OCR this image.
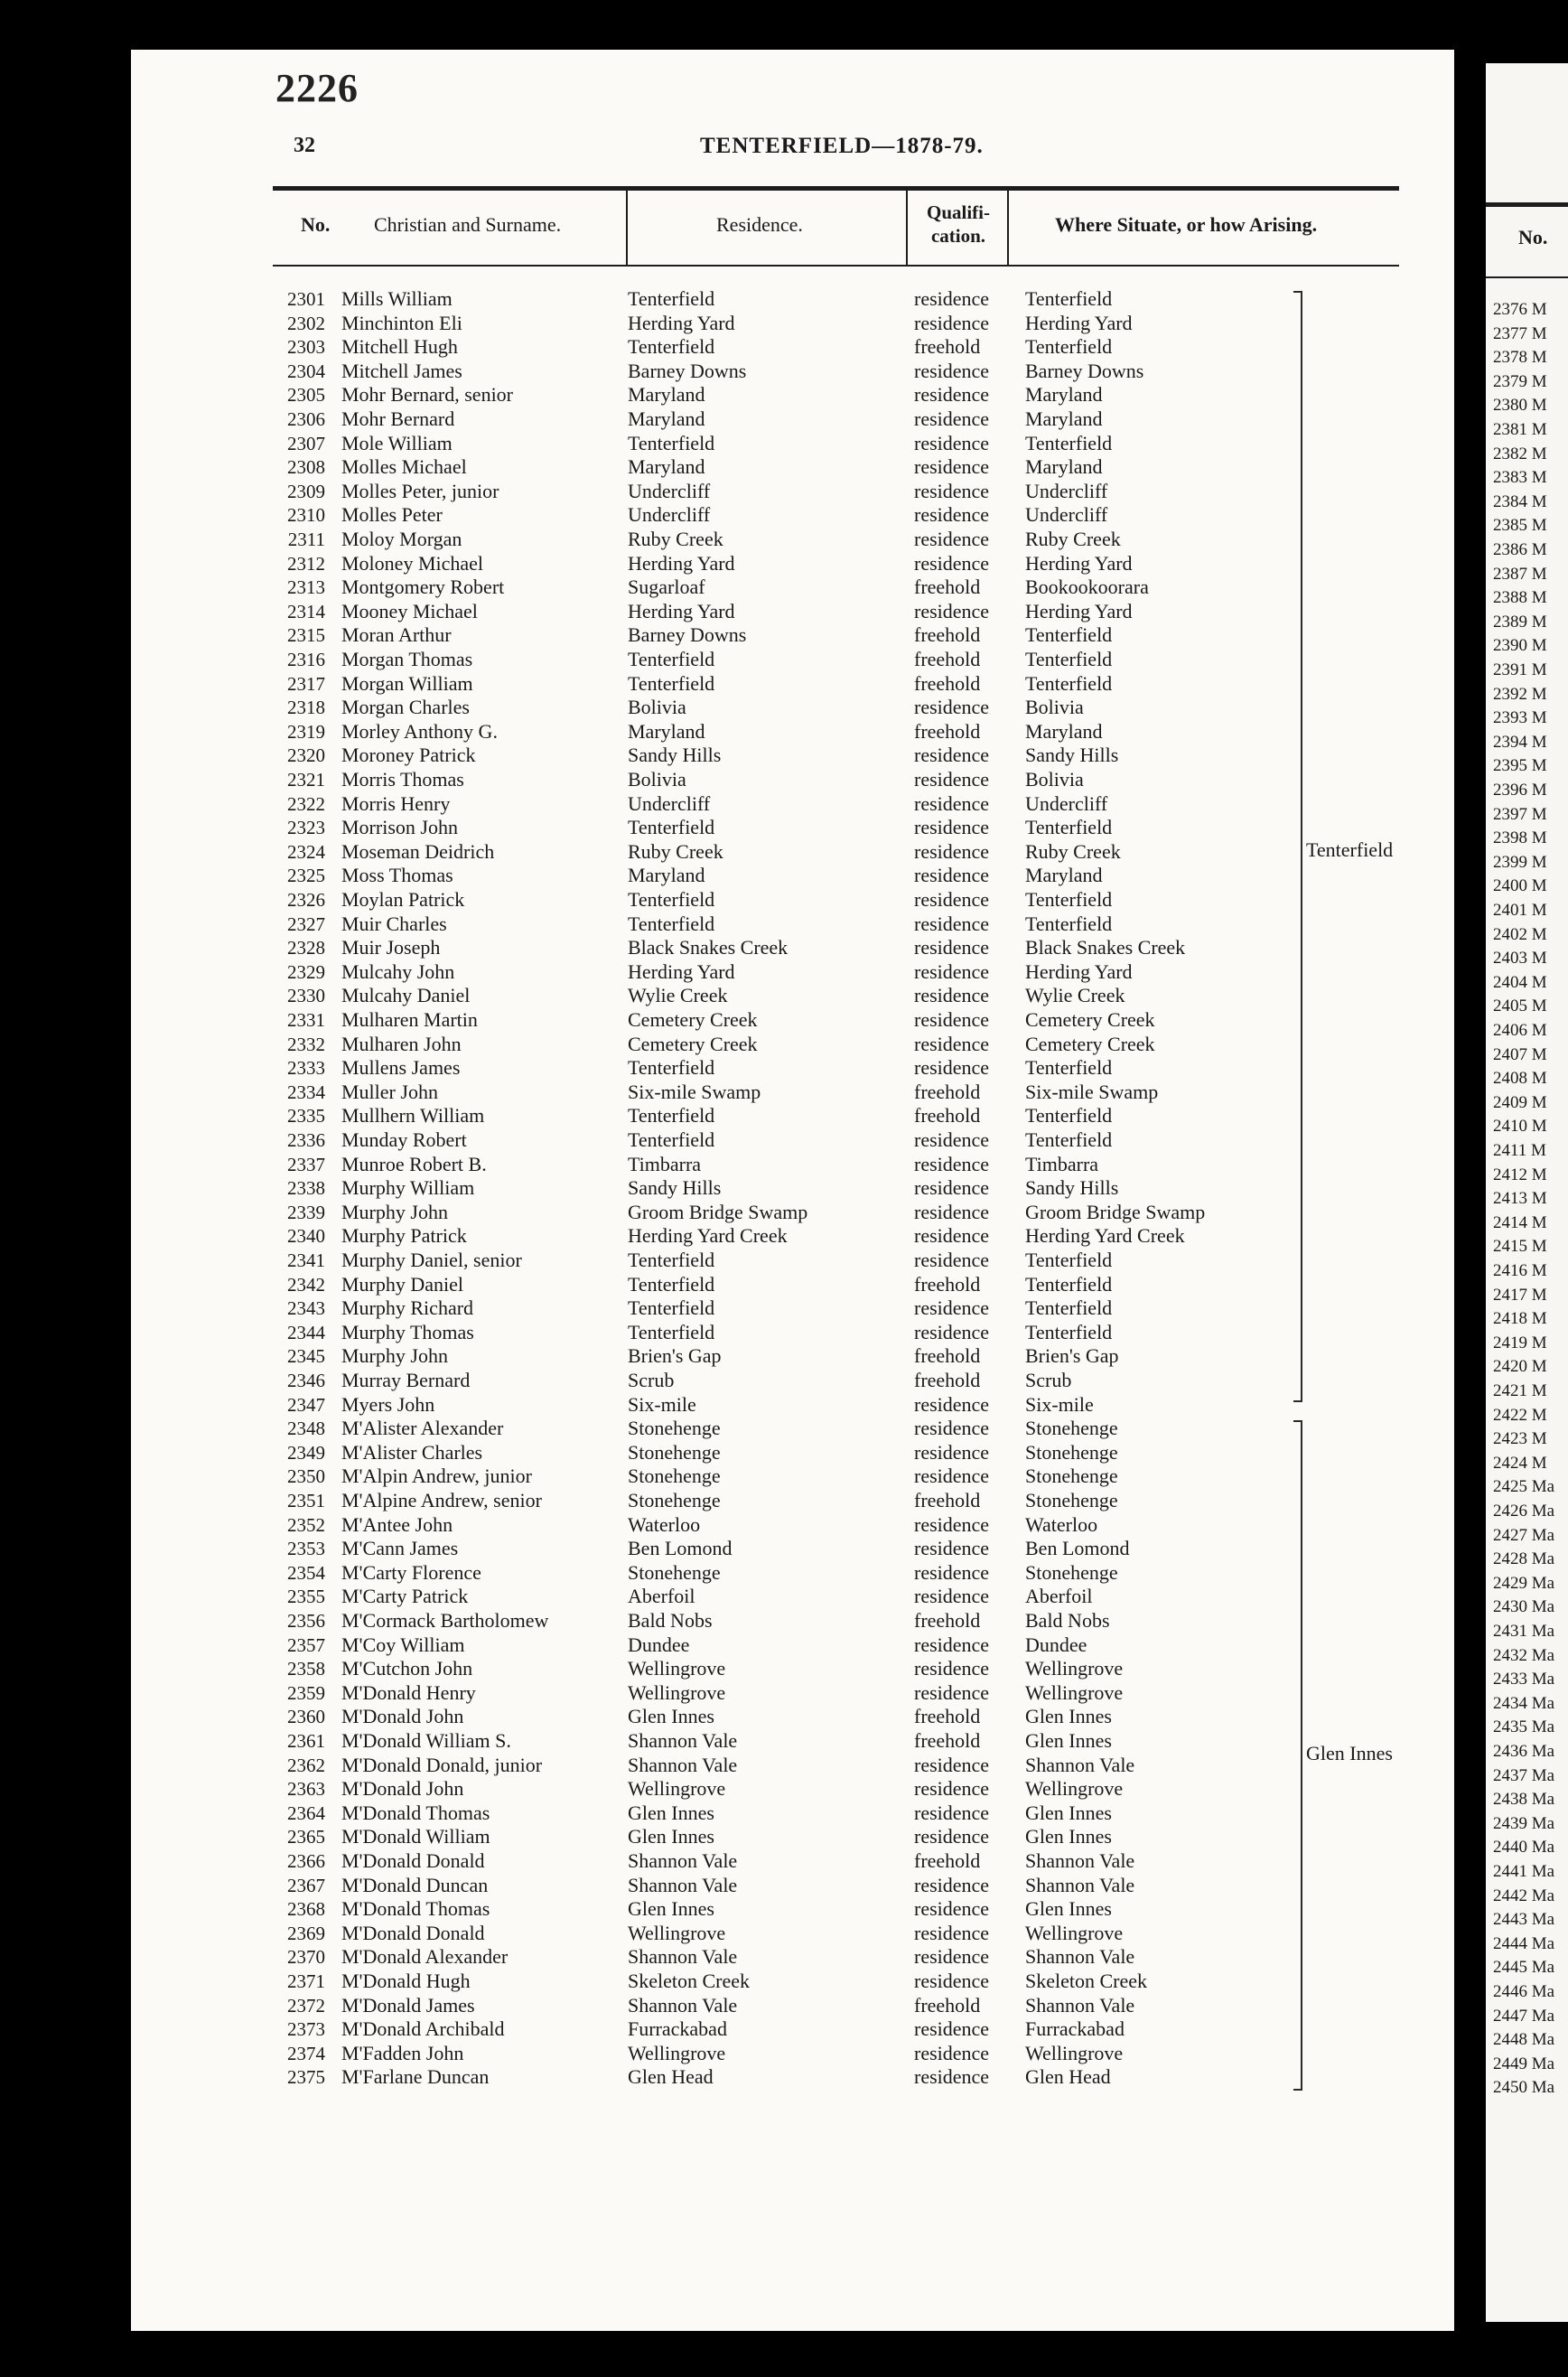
No.
2376 M
2377 M
2378 M
2379 M
2380 M
2381 M
2382 M
2383 M
2384 M
2385 M
2386 M
2387 M
2388 M
2389 M
2390 M
2391 M
2392 M
2393 M
2394 M
2395 M
2396 M
2397 M
2398 M
2399 M
2400 M
2401 M
2402 M
2403 M
2404 M
2405 M
2406 M
2407 M
2408 M
2409 M
2410 M
2411 M
2412 M
2413 M
2414 M
2415 M
2416 M
2417 M
2418 M
2419 M
2420 M
2421 M
2422 M
2423 M
2424 M
2425 Ma
2426 Ma
2427 Ma
2428 Ma
2429 Ma
2430 Ma
2431 Ma
2432 Ma
2433 Ma
2434 Ma
2435 Ma
2436 Ma
2437 Ma
2438 Ma
2439 Ma
2440 Ma
2441 Ma
2442 Ma
2443 Ma
2444 Ma
2445 Ma
2446 Ma
2447 Ma
2448 Ma
2449 Ma
2450 Ma
2226
32	TENTERFIELD—1878-79.
No. Christian and Surname.	Residence.
Qualifi-
cation.	Where Situate, or how Arising.
2301 Mills William	Tenterfield	residence Tenterfield
2302 Minchinton Eli	Herding Yard	residence Herding Yard
2303 Mitchell Hugh	Tenterfield	freehold Tenterfield
2304 Mitchell James	Barney Downs	residence Barney Downs
2305 Mohr Bernard, senior	Maryland	residence Maryland
2306 Mohr Bernard	Maryland	residence Maryland
2307 Mole William	Tenterfield	residence Tenterfield
2308 Molles Michael	Maryland	residence Maryland
2309 Molles Peter, junior	Undercliff	residence Undercliff
2310 Molles Peter	Undercliff	residence Undercliff
2311 Moloy Morgan	Ruby Creek	residence Ruby Creek
2312 Moloney Michael	Herding Yard	residence Herding Yard
2313 Montgomery Robert	Sugarloaf	freehold Bookookoorara
2314 Mooney Michael	Herding Yard	residence Herding Yard
2315 Moran Arthur	Barney Downs	freehold Tenterfield
2316 Morgan Thomas	Tenterfield	freehold Tenterfield
2317 Morgan William	Tenterfield	freehold Tenterfield
2318 Morgan Charles	Bolivia	residence Bolivia
2319 Morley Anthony G.	Maryland	freehold Maryland
2320 Moroney Patrick	Sandy Hills	residence Sandy Hills
2321 Morris Thomas	Bolivia	residence Bolivia
2322 Morris Henry	Undercliff	residence Undercliff
2323 Morrison John	Tenterfield	residence Tenterfield
2324 Moseman Deidrich	Ruby Creek	residence Ruby Creek
2325 Moss Thomas	Maryland	residence Maryland
2326 Moylan Patrick	Tenterfield	residence Tenterfield
2327 Muir Charles	Tenterfield	residence Tenterfield
2328 Muir Joseph	Black Snakes Creek	residence Black Snakes Creek
2329 Mulcahy John	Herding Yard	residence Herding Yard
2330 Mulcahy Daniel	Wylie Creek	residence Wylie Creek
2331 Mulharen Martin	Cemetery Creek	residence Cemetery Creek
2332 Mulharen John	Cemetery Creek	residence Cemetery Creek
2333 Mullens James	Tenterfield	residence Tenterfield
2334 Muller John	Six-mile Swamp	freehold Six-mile Swamp
2335 Mullhern William	Tenterfield	freehold Tenterfield
2336 Munday Robert	Tenterfield	residence Tenterfield
2337 Munroe Robert B.	Timbarra	residence Timbarra
2338 Murphy William	Sandy Hills	residence Sandy Hills
2339 Murphy John	Groom Bridge Swamp	residence Groom Bridge Swamp
2340 Murphy Patrick	Herding Yard Creek	residence Herding Yard Creek
2341 Murphy Daniel, senior	Tenterfield	residence Tenterfield
2342 Murphy Daniel	Tenterfield	freehold Tenterfield
2343 Murphy Richard	Tenterfield	residence Tenterfield
2344 Murphy Thomas	Tenterfield	residence Tenterfield
2345 Murphy John	Brien's Gap	freehold Brien's Gap
2346 Murray Bernard	Scrub	freehold Scrub
2347 Myers John	Six-mile	residence Six-mile
2348 M'Alister Alexander	Stonehenge	residence Stonehenge
2349 M'Alister Charles	Stonehenge	residence Stonehenge
2350 M'Alpin Andrew, junior	Stonehenge	residence Stonehenge
2351 M'Alpine Andrew, senior	Stonehenge	freehold Stonehenge
2352 M'Antee John	Waterloo	residence Waterloo
2353 M'Cann James	Ben Lomond	residence Ben Lomond
2354 M'Carty Florence	Stonehenge	residence Stonehenge
2355 M'Carty Patrick	Aberfoil	residence Aberfoil
2356 M'Cormack Bartholomew	Bald Nobs	freehold Bald Nobs
2357 M'Coy William	Dundee	residence Dundee
2358 M'Cutchon John	Wellingrove	residence Wellingrove
2359 M'Donald Henry	Wellingrove	residence Wellingrove
2360 M'Donald John	Glen Innes	freehold Glen Innes
2361 M'Donald William S.	Shannon Vale	freehold Glen Innes
2362 M'Donald Donald, junior	Shannon Vale	residence Shannon Vale
2363 M'Donald John	Wellingrove	residence Wellingrove
2364 M'Donald Thomas	Glen Innes	residence Glen Innes
2365 M'Donald William	Glen Innes	residence Glen Innes
2366 M'Donald Donald	Shannon Vale	freehold Shannon Vale
2367 M'Donald Duncan	Shannon Vale	residence Shannon Vale
2368 M'Donald Thomas	Glen Innes	residence Glen Innes
2369 M'Donald Donald	Wellingrove	residence Wellingrove
2370 M'Donald Alexander	Shannon Vale	residence Shannon Vale
2371 M'Donald Hugh	Skeleton Creek	residence Skeleton Creek
2372 M'Donald James	Shannon Vale	freehold Shannon Vale
2373 M'Donald Archibald	Furrackabad	residence Furrackabad
2374 M'Fadden John	Wellingrove	residence Wellingrove
2375 M'Farlane Duncan	Glen Head	residence Glen Head
Tenterfield
Glen Innes
